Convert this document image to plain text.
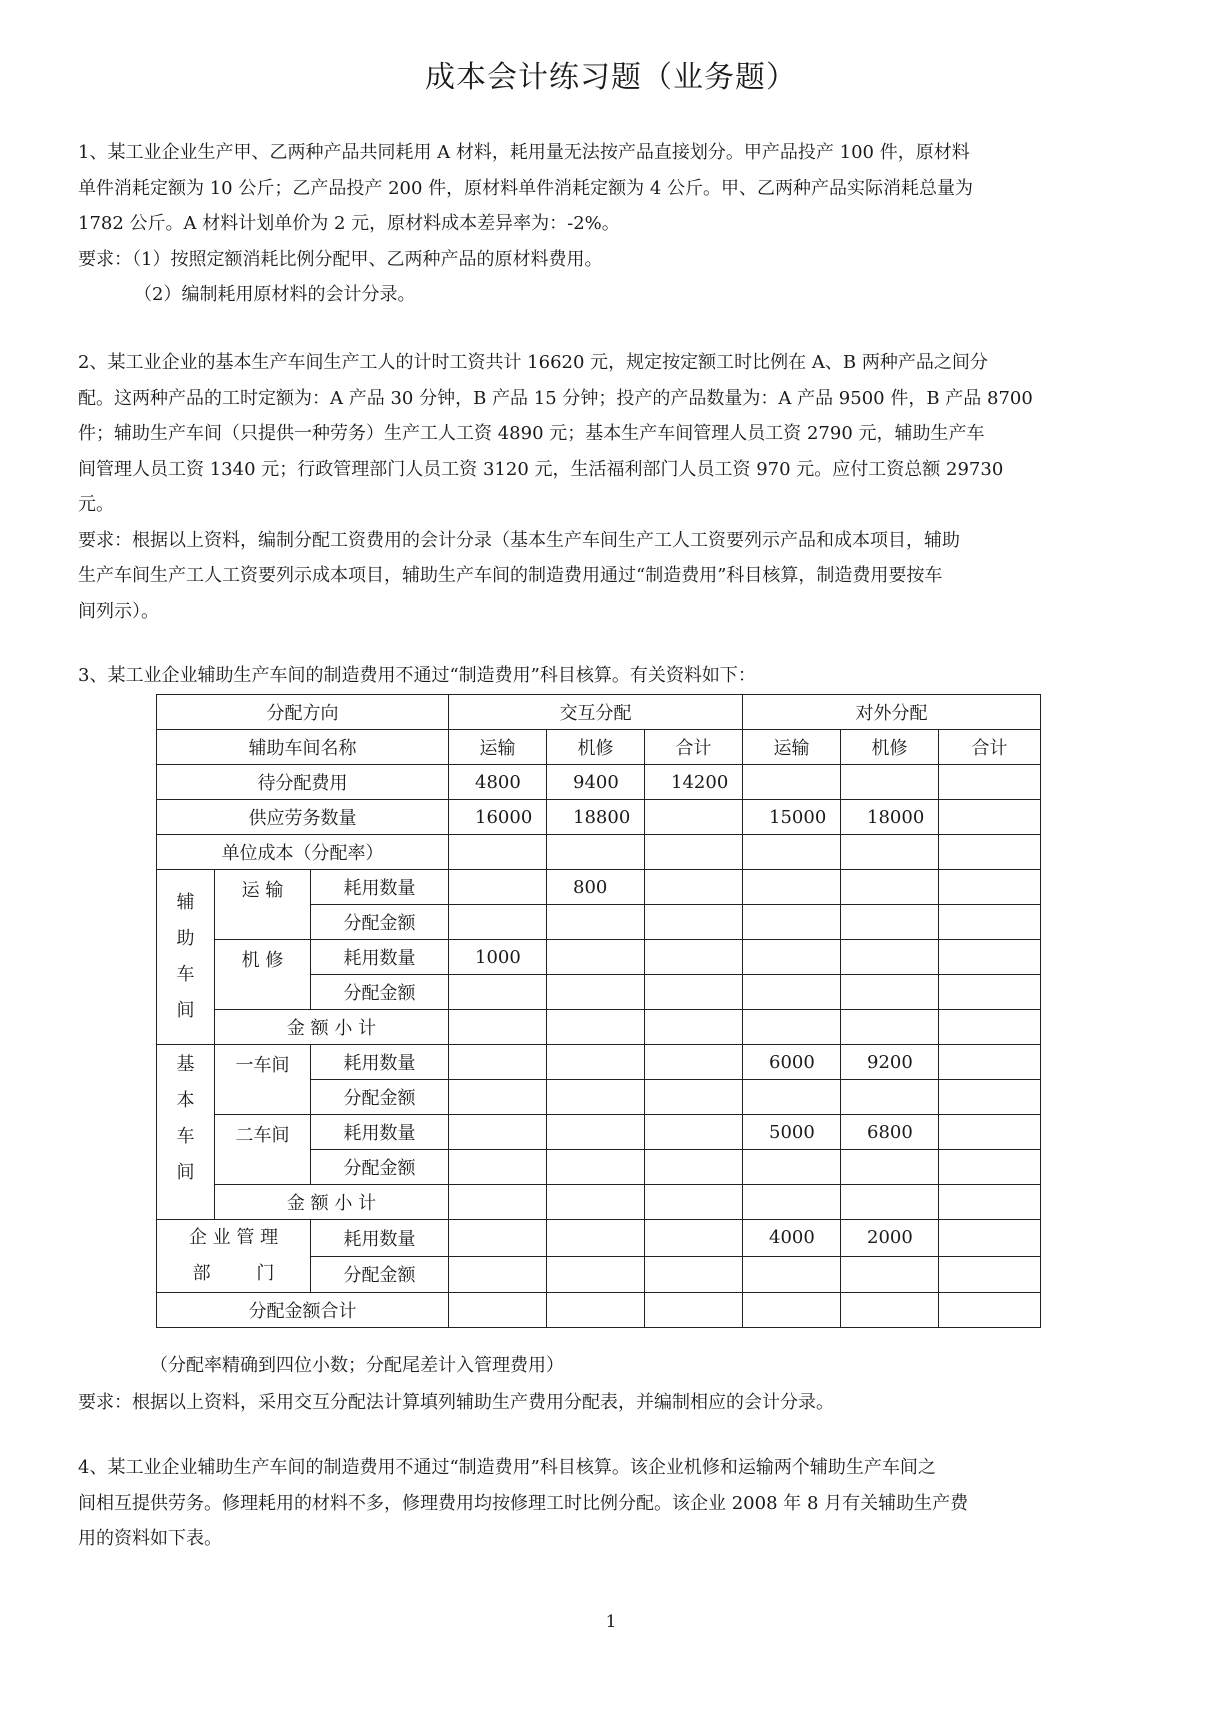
成本会计练习题（业务题）

1、某工业企业生产甲、乙两种产品共同耗用 A 材料，耗用量无法按产品直接划分。甲产品投产 100 件，原材料

单件消耗定额为 10 公斤；乙产品投产 200 件，原材料单件消耗定额为 4 公斤。甲、乙两种产品实际消耗总量为

1782 公斤。A 材料计划单价为 2 元，原材料成本差异率为：-2%。

要求：（1）按照定额消耗比例分配甲、乙两种产品的原材料费用。

（2）编制耗用原材料的会计分录。

2、某工业企业的基本生产车间生产工人的计时工资共计 16620 元，规定按定额工时比例在 A、B 两种产品之间分

配。这两种产品的工时定额为：A 产品 30 分钟，B 产品 15 分钟；投产的产品数量为：A 产品 9500 件，B 产品 8700

件；辅助生产车间（只提供一种劳务）生产工人工资 4890 元；基本生产车间管理人员工资 2790 元，辅助生产车

间管理人员工资 1340 元；行政管理部门人员工资 3120 元，生活福利部门人员工资 970 元。应付工资总额 29730

元。

要求：根据以上资料，编制分配工资费用的会计分录（基本生产车间生产工人工资要列示产品和成本项目，辅助

生产车间生产工人工资要列示成本项目，辅助生产车间的制造费用通过“制造费用”科目核算，制造费用要按车

间列示）。

3、某工业企业辅助生产车间的制造费用不通过“制造费用”科目核算。有关资料如下：

分配方向			交互分配			对外分配		
辅助车间名称			运输	机修	合计	运输	机修	合计
待分配费用			4800	9400	14200			
供应劳务数量			16000	18800		15000	18000	
单位成本（分配率）								
辅
助
车
间	运 输	耗用数量		800				
		分配金额						
	机 修	耗用数量	1000					
		分配金额						
	金 额 小 计							
基
本
车
间	一车间	耗用数量				6000	9200	
		分配金额						
	二车间	耗用数量				5000	6800	
		分配金额						
	金 额 小 计							
企 业 管 理
部        门		耗用数量				4000	2000	
		分配金额						
分配金额合计								

（分配率精确到四位小数；分配尾差计入管理费用）

要求：根据以上资料，采用交互分配法计算填列辅助生产费用分配表，并编制相应的会计分录。

4、某工业企业辅助生产车间的制造费用不通过“制造费用”科目核算。该企业机修和运输两个辅助生产车间之

间相互提供劳务。修理耗用的材料不多，修理费用均按修理工时比例分配。该企业 2008 年 8 月有关辅助生产费

用的资料如下表。

1
